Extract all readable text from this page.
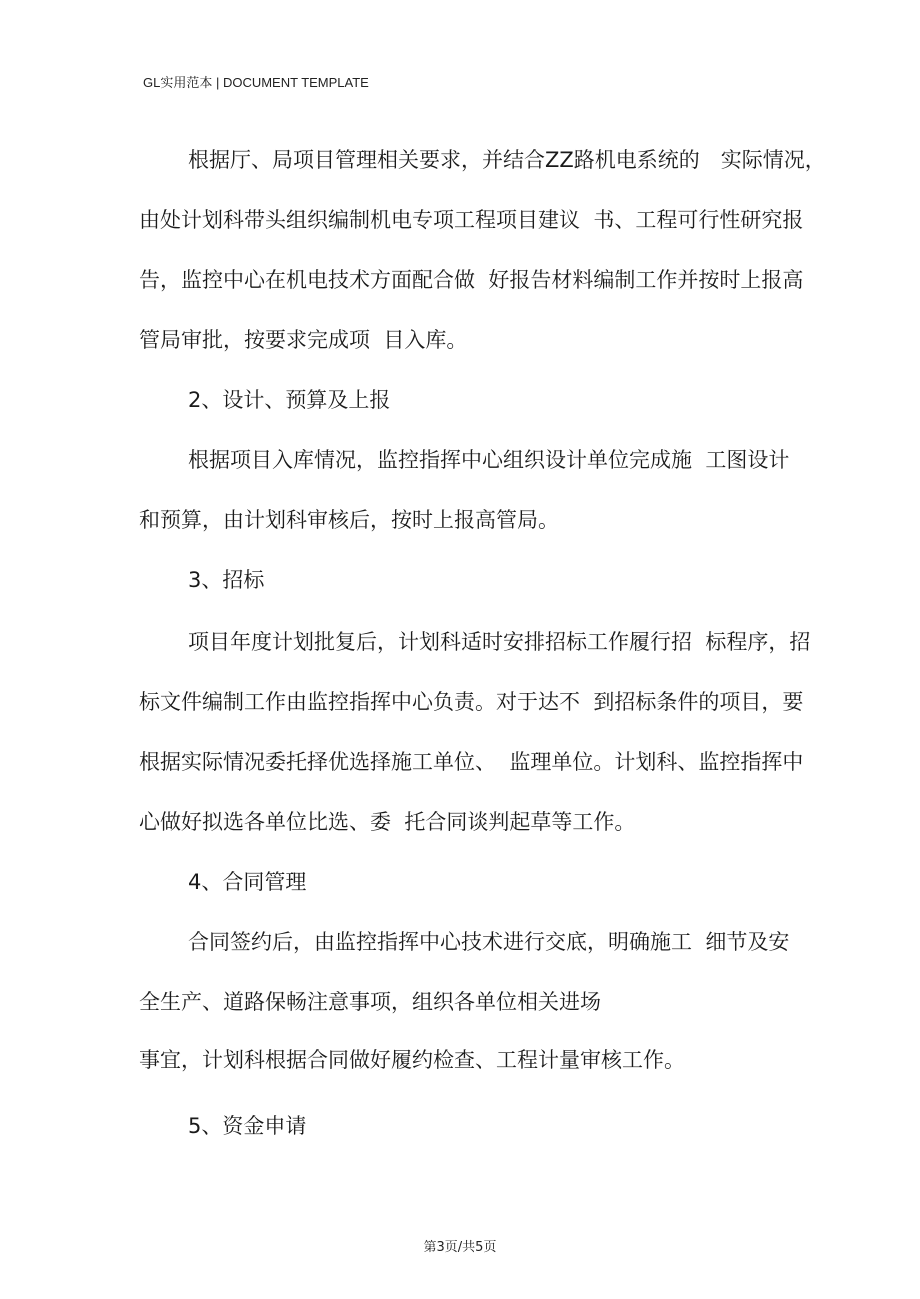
GL实用范本 | DOCUMENT TEMPLATE
根据厅、局项目管理相关要求，并结合ZZ路机电系统的　实际情况，
由处计划科带头组织编制机电专项工程项目建议  书、工程可行性研究报
告，监控中心在机电技术方面配合做  好报告材料编制工作并按时上报高
管局审批，按要求完成项  目入库。
2、设计、预算及上报
根据项目入库情况，监控指挥中心组织设计单位完成施  工图设计
和预算，由计划科审核后，按时上报高管局。
3、招标
项目年度计划批复后，计划科适时安排招标工作履行招  标程序，招
标文件编制工作由监控指挥中心负责。对于达不  到招标条件的项目，要
根据实际情况委托择优选择施工单位、  监理单位。计划科、监控指挥中
心做好拟选各单位比选、委  托合同谈判起草等工作。
4、合同管理
合同签约后，由监控指挥中心技术进行交底，明确施工  细节及安
全生产、道路保畅注意事项，组织各单位相关进场
事宜，计划科根据合同做好履约检查、工程计量审核工作。
5、资金申请
第3页/共5页
